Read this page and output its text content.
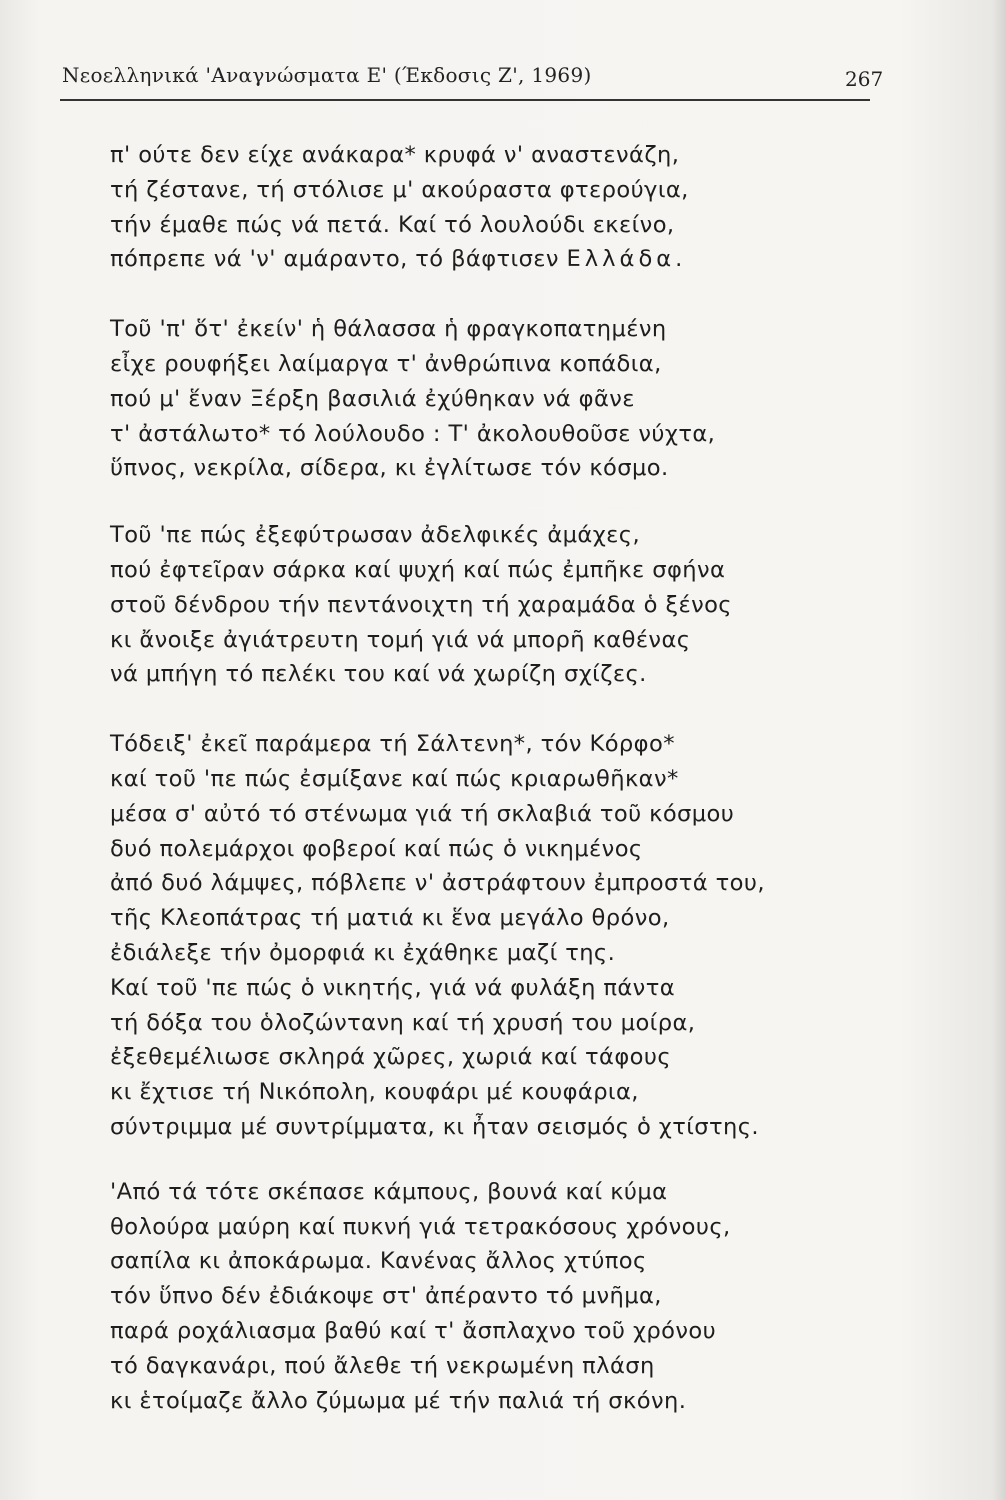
Νεοελληνικά 'Αναγνώσματα Ε' (Έκδοσις Ζ', 1969)	267
π' ούτε δεν είχε ανάκαρα* κρυφά ν' αναστενάζη,
τή ζέστανε, τή στόλισε μ' ακούραστα φτερούγια,
τήν έμαθε πώς νά πετά. Καί τό λουλούδι εκείνο,
πόπρεπε νά 'ν' αμάραντο, τό βάφτισεν Ελλάδα.
Τοῦ 'π' ὅτ' ἐκείν' ἡ θάλασσα ἡ φραγκοπατημένη
εἶχε ρουφήξει λαίμαργα τ' ἀνθρώπινα κοπάδια,
πού μ' ἕναν Ξέρξη βασιλιά ἐχύθηκαν νά φᾶνε
τ' ἀστάλωτο* τό λούλουδο : Τ' ἀκολουθοῦσε νύχτα,
ὕπνος, νεκρίλα, σίδερα, κι ἐγλίτωσε τόν κόσμο.
Τοῦ 'πε πώς ἐξεφύτρωσαν ἀδελφικές ἀμάχες,
πού ἐφτεῖραν σάρκα καί ψυχή καί πώς ἐμπῆκε σφήνα
στοῦ δένδρου τήν πεντάνοιχτη τή χαραμάδα ὁ ξένος
κι ἄνοιξε ἀγιάτρευτη τομή γιά νά μπορῆ καθένας
νά μπήγη τό πελέκι του καί νά χωρίζη σχίζες.
Τόδειξ' ἐκεῖ παράμερα τή Σάλτενη*, τόν Κόρφο*
καί τοῦ 'πε πώς ἐσμίξανε καί πώς κριαρωθῆκαν*
μέσα σ' αὐτό τό στένωμα γιά τή σκλαβιά τοῦ κόσμου
δυό πολεμάρχοι φοβεροί καί πώς ὁ νικημένος
ἀπό δυό λάμψες, πόβλεπε ν' ἀστράφτουν ἐμπροστά του,
τῆς Κλεοπάτρας τή ματιά κι ἕνα μεγάλο θρόνο,
ἐδιάλεξε τήν ὀμορφιά κι ἐχάθηκε μαζί της.
Καί τοῦ 'πε πώς ὁ νικητής, γιά νά φυλάξη πάντα
τή δόξα του ὁλοζώντανη καί τή χρυσή του μοίρα,
ἐξεθεμέλιωσε σκληρά χῶρες, χωριά καί τάφους
κι ἔχτισε τή Νικόπολη, κουφάρι μέ κουφάρια,
σύντριμμα μέ συντρίμματα, κι ἦταν σεισμός ὁ χτίστης.
'Από τά τότε σκέπασε κάμπους, βουνά καί κύμα
θολούρα μαύρη καί πυκνή γιά τετρακόσους χρόνους,
σαπίλα κι ἀποκάρωμα. Κανένας ἄλλος χτύπος
τόν ὕπνο δέν ἐδιάκοψε στ' ἀπέραντο τό μνῆμα,
παρά ροχάλιασμα βαθύ καί τ' ἄσπλαχνο τοῦ χρόνου
τό δαγκανάρι, πού ἄλεθε τή νεκρωμένη πλάση
κι ἑτοίμαζε ἄλλο ζύμωμα μέ τήν παλιά τή σκόνη.
